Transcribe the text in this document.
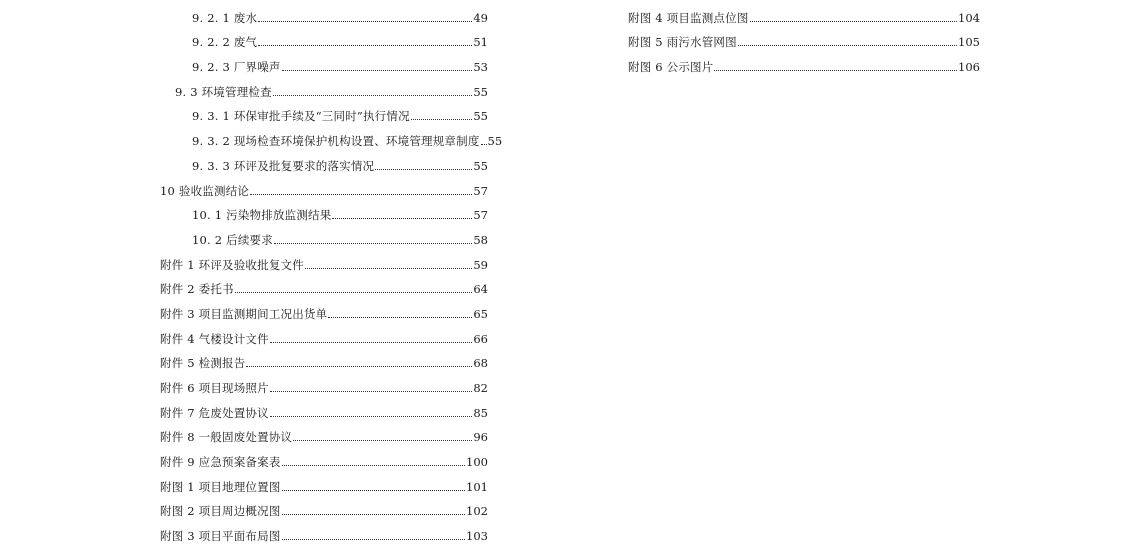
9. 2. 1 废水	49
9. 2. 2 废气	51
9. 2. 3 厂界噪声	53
9. 3 环境管理检查	55
9. 3. 1 环保审批手续及“三同时”执行情况	55
9. 3. 2 现场检查环境保护机构设置、环境管理规章制度 55
9. 3. 3 环评及批复要求的落实情况	55
10 验收监测结论	57
10. 1 污染物排放监测结果	57
10. 2 后续要求	58
附件 1 环评及验收批复文件	59
附件 2 委托书	64
附件 3 项目监测期间工况出货单	65
附件 4 气楼设计文件	66
附件 5 检测报告	68
附件 6 项目现场照片	82
附件 7 危废处置协议	85
附件 8 一般固废处置协议	96
附件 9 应急预案备案表	100
附图 1 项目地理位置图	101
附图 2 项目周边概况图	102
附图 3 项目平面布局图	103
附图 4 项目监测点位图	104
附图 5 雨污水管网图	105
附图 6 公示图片	106
